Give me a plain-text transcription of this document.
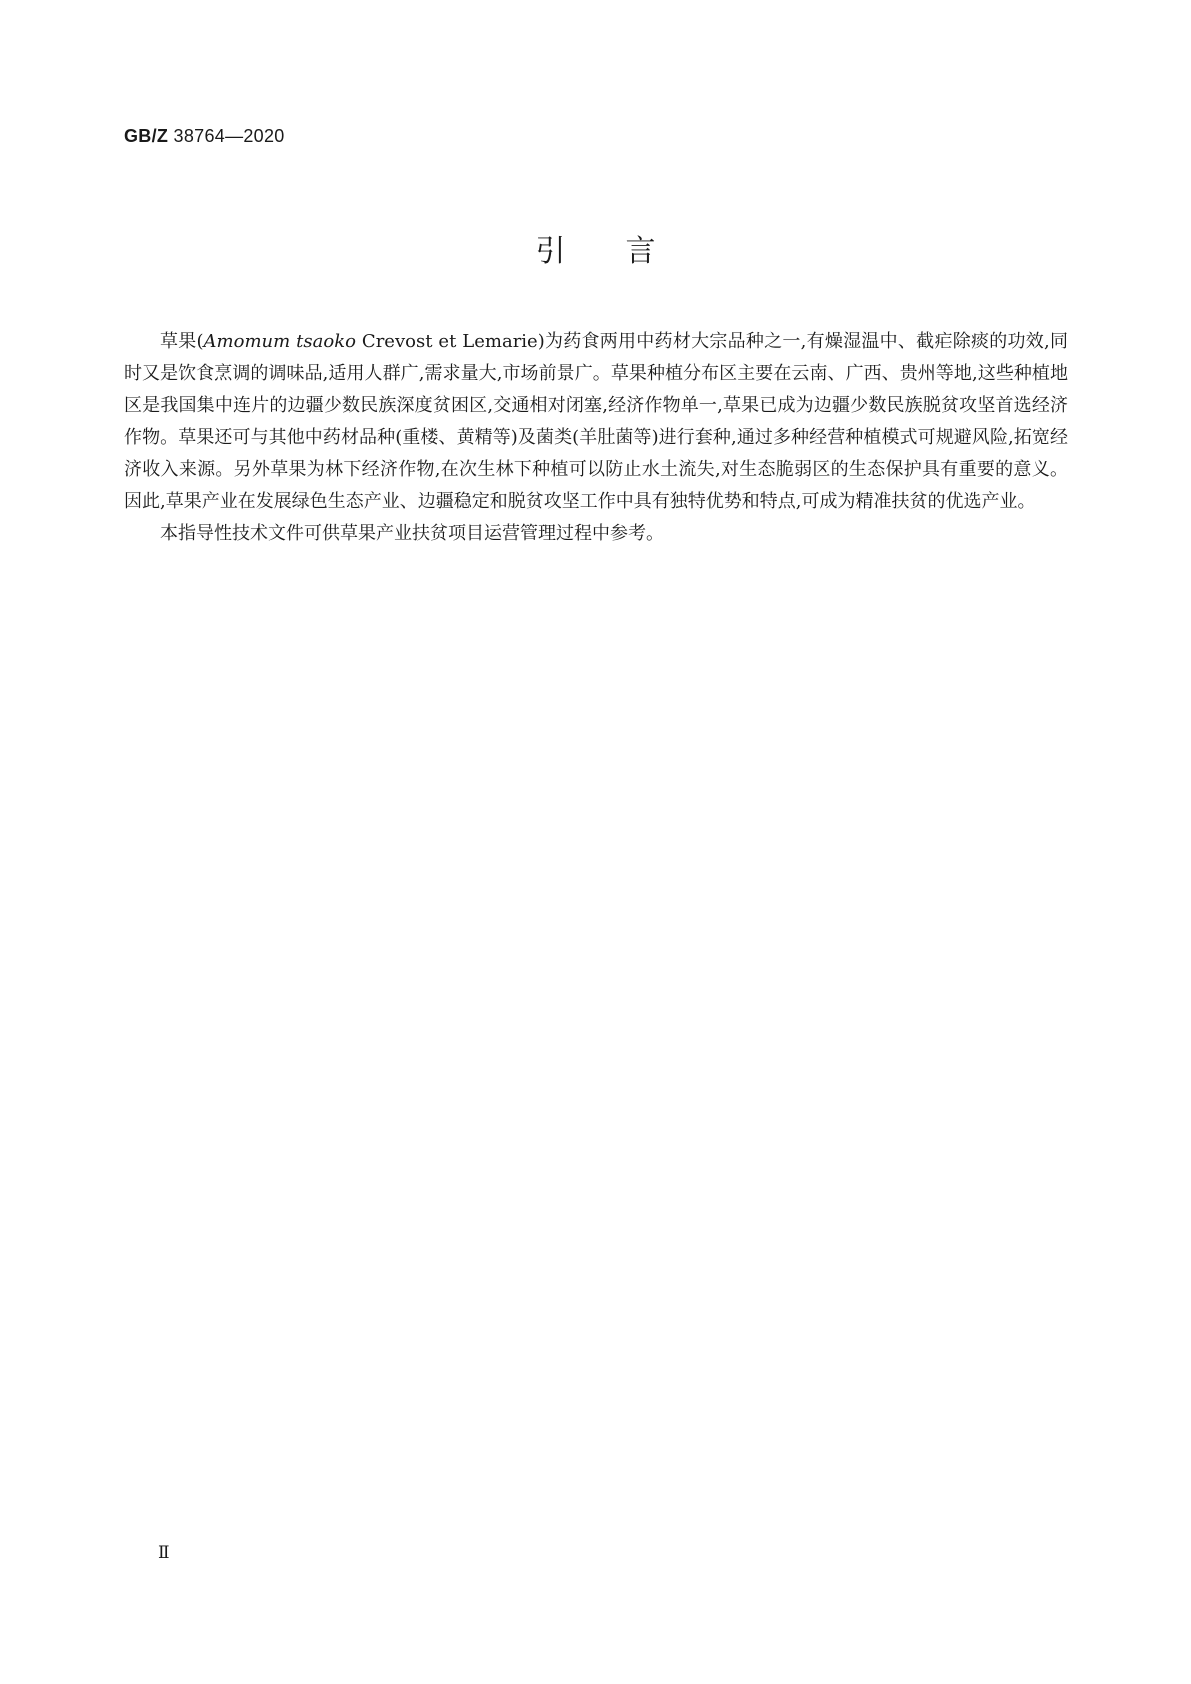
GB/Z 38764—2020
引言

草果(Amomum tsaoko Crevost et Lemarie)为药食两用中药材大宗品种之一,有燥湿温中、截疟除痰的功效,同时又是饮食烹调的调味品,适用人群广,需求量大,市场前景广。草果种植分布区主要在云南、广西、贵州等地,这些种植地区是我国集中连片的边疆少数民族深度贫困区,交通相对闭塞,经济作物单一,草果已成为边疆少数民族脱贫攻坚首选经济作物。草果还可与其他中药材品种(重楼、黄精等)及菌类(羊肚菌等)进行套种,通过多种经营种植模式可规避风险,拓宽经济收入来源。另外草果为林下经济作物,在次生林下种植可以防止水土流失,对生态脆弱区的生态保护具有重要的意义。因此,草果产业在发展绿色生态产业、边疆稳定和脱贫攻坚工作中具有独特优势和特点,可成为精准扶贫的优选产业。

本指导性技术文件可供草果产业扶贫项目运营管理过程中参考。

Ⅱ
